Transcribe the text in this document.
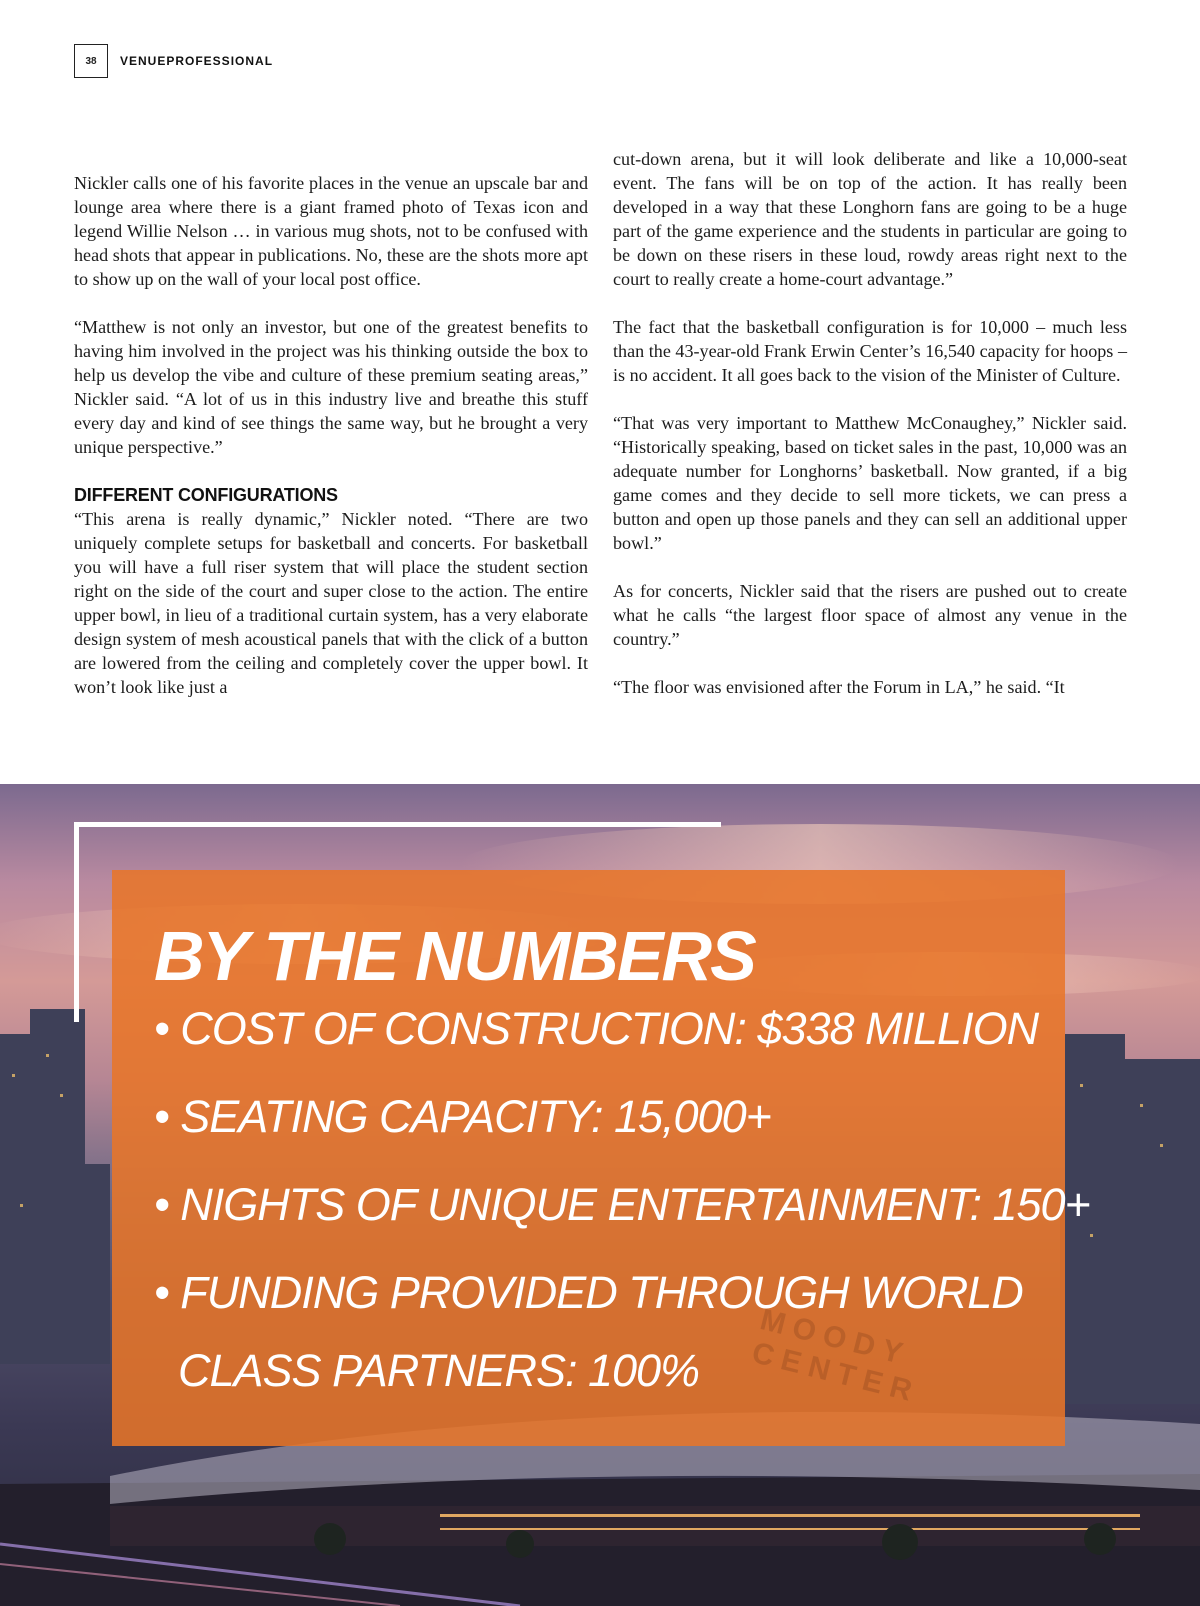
38	VENUEPROFESSIONAL

Nickler calls one of his favorite places in the venue an upscale bar and lounge area where there is a giant framed photo of Texas icon and legend Willie Nelson … in various mug shots, not to be confused with head shots that appear in publications. No, these are the shots more apt to show up on the wall of your local post office.

“Matthew is not only an investor, but one of the greatest benefits to having him involved in the project was his thinking outside the box to help us develop the vibe and culture of these premium seating areas,” Nickler said. “A lot of us in this industry live and breathe this stuff every day and kind of see things the same way, but he brought a very unique perspective.”

DIFFERENT CONFIGURATIONS

“This arena is really dynamic,” Nickler noted. “There are two uniquely complete setups for basketball and concerts. For basketball you will have a full riser system that will place the student section right on the side of the court and super close to the action. The entire upper bowl, in lieu of a traditional curtain system, has a very elaborate design system of mesh acoustical panels that with the click of a button are lowered from the ceiling and completely cover the upper bowl. It won’t look like just a

cut-down arena, but it will look deliberate and like a 10,000-seat event. The fans will be on top of the action. It has really been developed in a way that these Longhorn fans are going to be a huge part of the game experience and the students in particular are going to be down on these risers in these loud, rowdy areas right next to the court to really create a home-court advantage.”

The fact that the basketball configuration is for 10,000 – much less than the 43-year-old Frank Erwin Center’s 16,540 capacity for hoops – is no accident. It all goes back to the vision of the Minister of Culture.

“That was very important to Matthew McConaughey,” Nickler said. “Historically speaking, based on ticket sales in the past, 10,000 was an adequate number for Longhorns’ basketball. Now granted, if a big game comes and they decide to sell more tickets, we can press a button and open up those panels and they can sell an additional upper bowl.”

As for concerts, Nickler said that the risers are pushed out to create what he calls “the largest floor space of almost any venue in the country.”

“The floor was envisioned after the Forum in LA,” he said. “It

BY THE NUMBERS
• COST OF CONSTRUCTION: $338 MILLION
• SEATING CAPACITY: 15,000+
• NIGHTS OF UNIQUE ENTERTAINMENT: 150+
• FUNDING PROVIDED THROUGH WORLD CLASS PARTNERS: 100%	MOODY CENTER
